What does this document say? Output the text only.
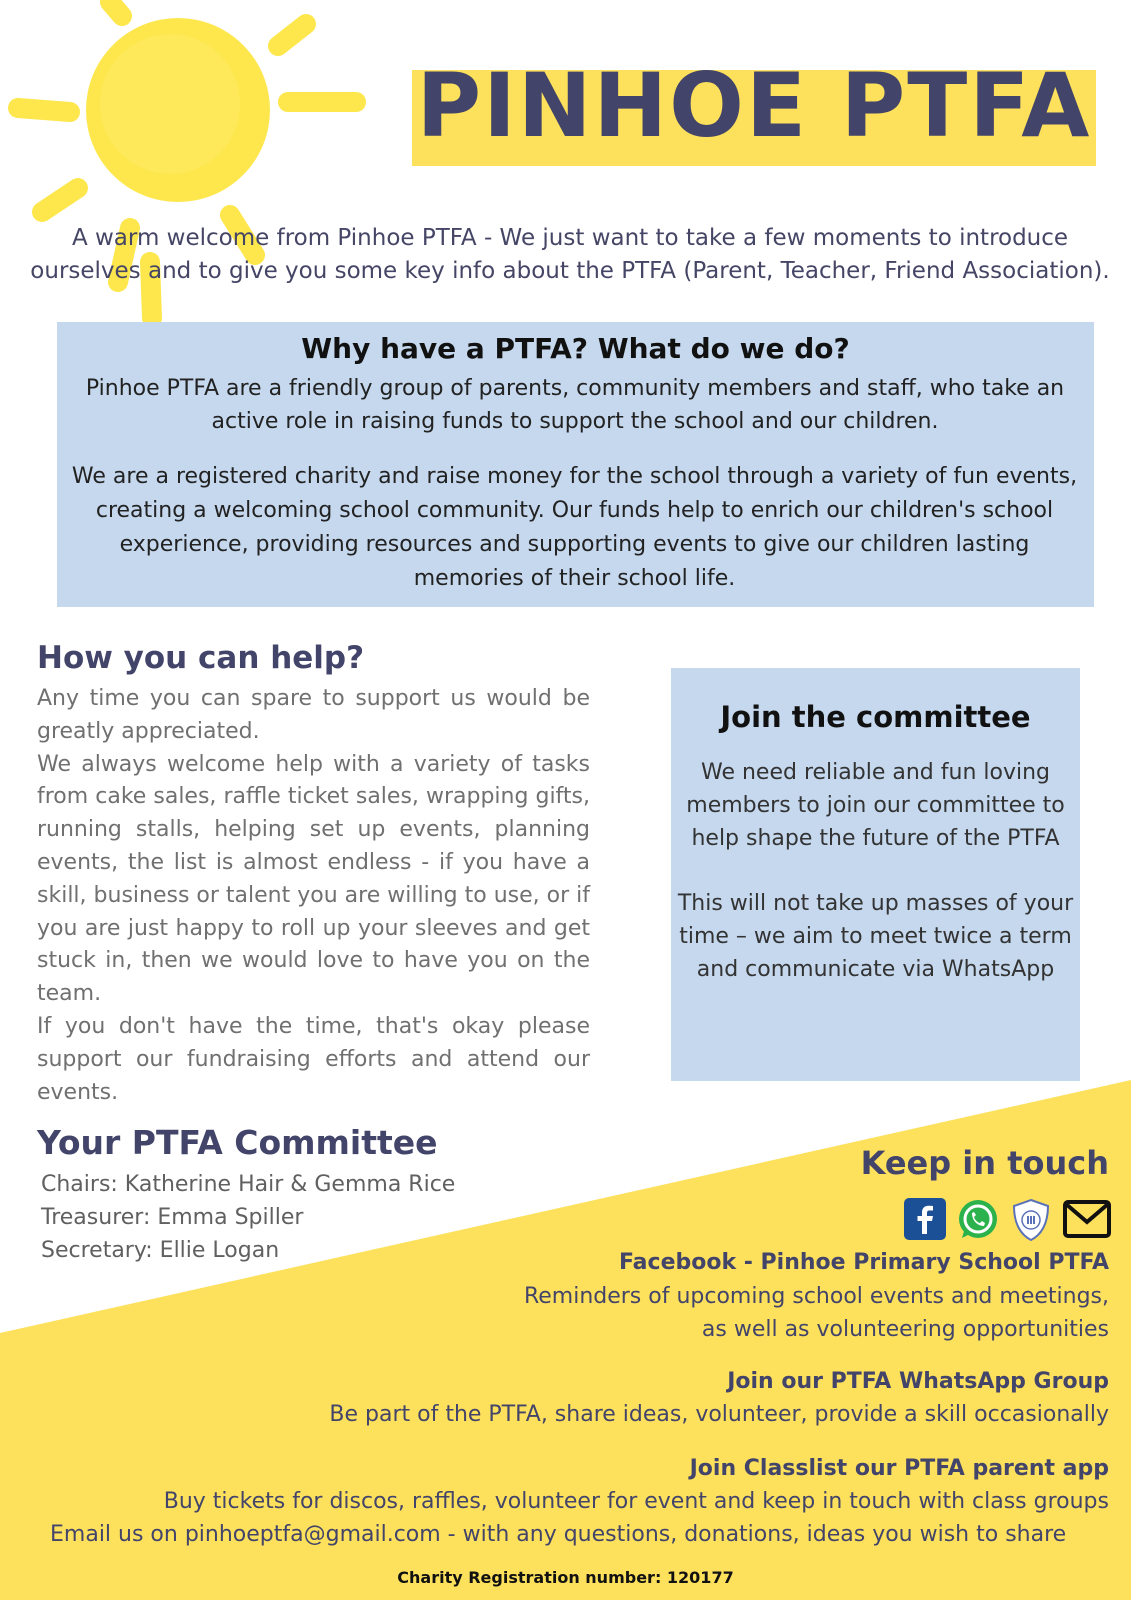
PINHOE PTFA
A warm welcome from Pinhoe PTFA - We just want to take a few moments to introduce
ourselves and to give you some key info about the PTFA (Parent, Teacher, Friend Association).
Why have a PTFA? What do we do?
Pinhoe PTFA are a friendly group of parents, community members and staff, who take an active role in raising funds to support the school and our children.
We are a registered charity and raise money for the school through a variety of fun events, creating a welcoming school community. Our funds help to enrich our children's school experience, providing resources and supporting events to give our children lasting memories of their school life.
How you can help?

Any time you can spare to support us would be greatly appreciated.

We always welcome help with a variety of tasks from cake sales, raffle ticket sales, wrapping gifts, running stalls, helping set up events, planning events, the list is almost endless - if you have a skill, business or talent you are willing to use, or if you are just happy to roll up your sleeves and get stuck in, then we would love to have you on the team.

If you don't have the time, that's okay please support our fundraising efforts and attend our events.

Join the committee
We need reliable and fun loving members to join our committee to help shape the future of the PTFA
This will not take up masses of your time – we aim to meet twice a term and communicate via WhatsApp
Your PTFA Committee
Chairs: Katherine Hair & Gemma Rice
Treasurer: Emma Spiller
Secretary: Ellie Logan
Keep in touch
Facebook - Pinhoe Primary School PTFA
Reminders of upcoming school events and meetings,
as well as volunteering opportunities
Join our PTFA WhatsApp Group
Be part of the PTFA, share ideas, volunteer, provide a skill occasionally
Join Classlist our PTFA parent app
Buy tickets for discos, raffles, volunteer for event and keep in touch with class groups
Email us on pinhoeptfa@gmail.com - with any questions, donations, ideas you wish to share
Charity Registration number: 120177
